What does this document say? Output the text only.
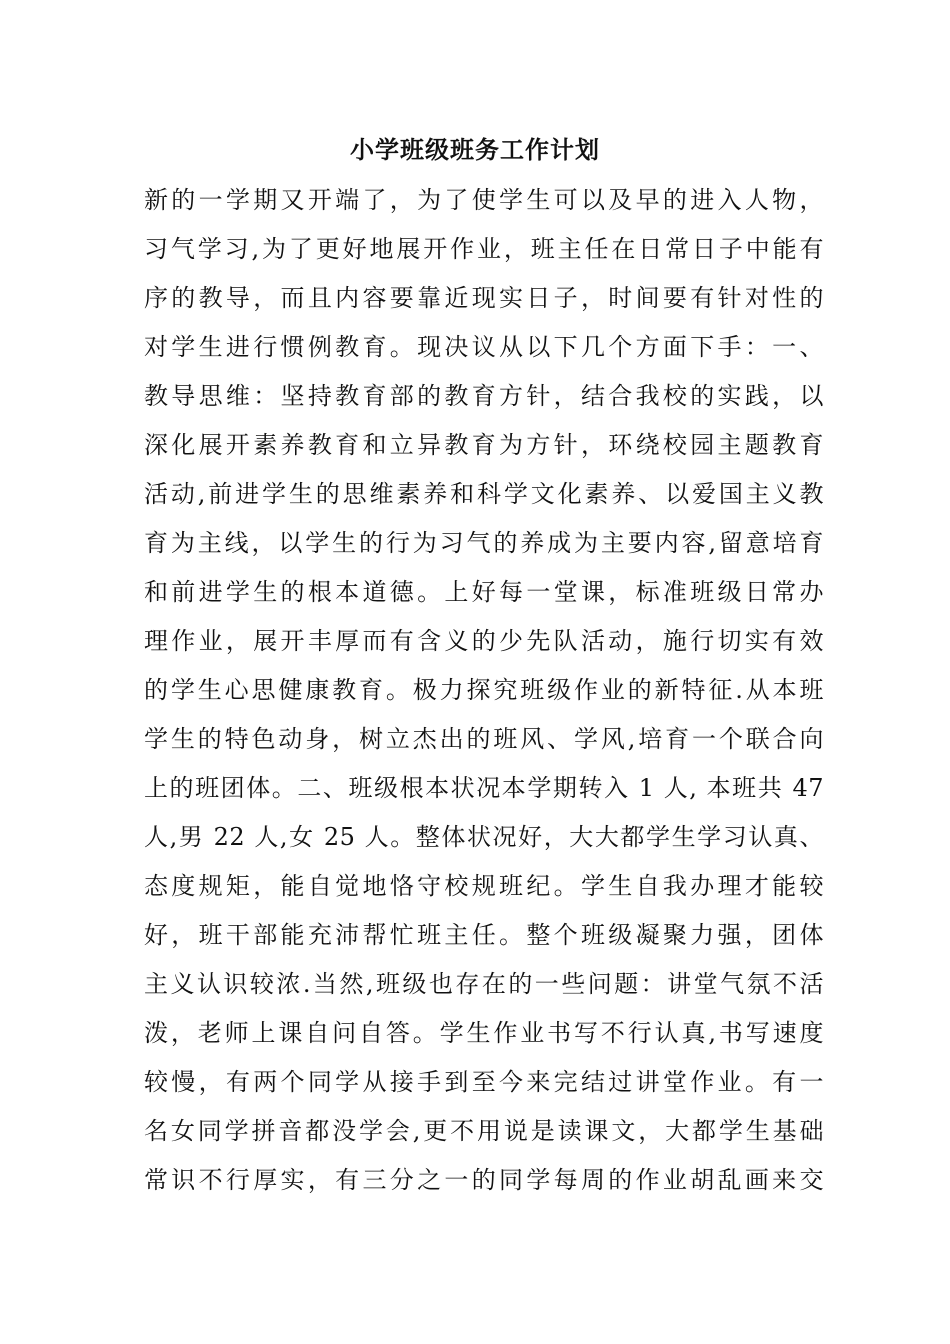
小学班级班务工作计划
新的一学期又开端了，为了使学生可以及早的进入人物，
习气学习,为了更好地展开作业，班主任在日常日子中能有
序的教导，而且内容要靠近现实日子，时间要有针对性的
对学生进行惯例教育。现决议从以下几个方面下手：一、
教导思维：坚持教育部的教育方针，结合我校的实践，以
深化展开素养教育和立异教育为方针，环绕校园主题教育
活动,前进学生的思维素养和科学文化素养、以爱国主义教
育为主线，以学生的行为习气的养成为主要内容,留意培育
和前进学生的根本道德。上好每一堂课，标准班级日常办
理作业，展开丰厚而有含义的少先队活动，施行切实有效
的学生心思健康教育。极力探究班级作业的新特征.从本班
学生的特色动身，树立杰出的班风、学风,培育一个联合向
上的班团体。二、班级根本状况本学期转入 1 人, 本班共 47
人,男 22 人,女 25 人。整体状况好，大大都学生学习认真、
态度规矩，能自觉地恪守校规班纪。学生自我办理才能较
好，班干部能充沛帮忙班主任。整个班级凝聚力强，团体
主义认识较浓.当然,班级也存在的一些问题：讲堂气氛不活
泼，老师上课自问自答。学生作业书写不行认真,书写速度
较慢，有两个同学从接手到至今来完结过讲堂作业。有一
名女同学拼音都没学会,更不用说是读课文，大都学生基础
常识不行厚实，有三分之一的同学每周的作业胡乱画来交
